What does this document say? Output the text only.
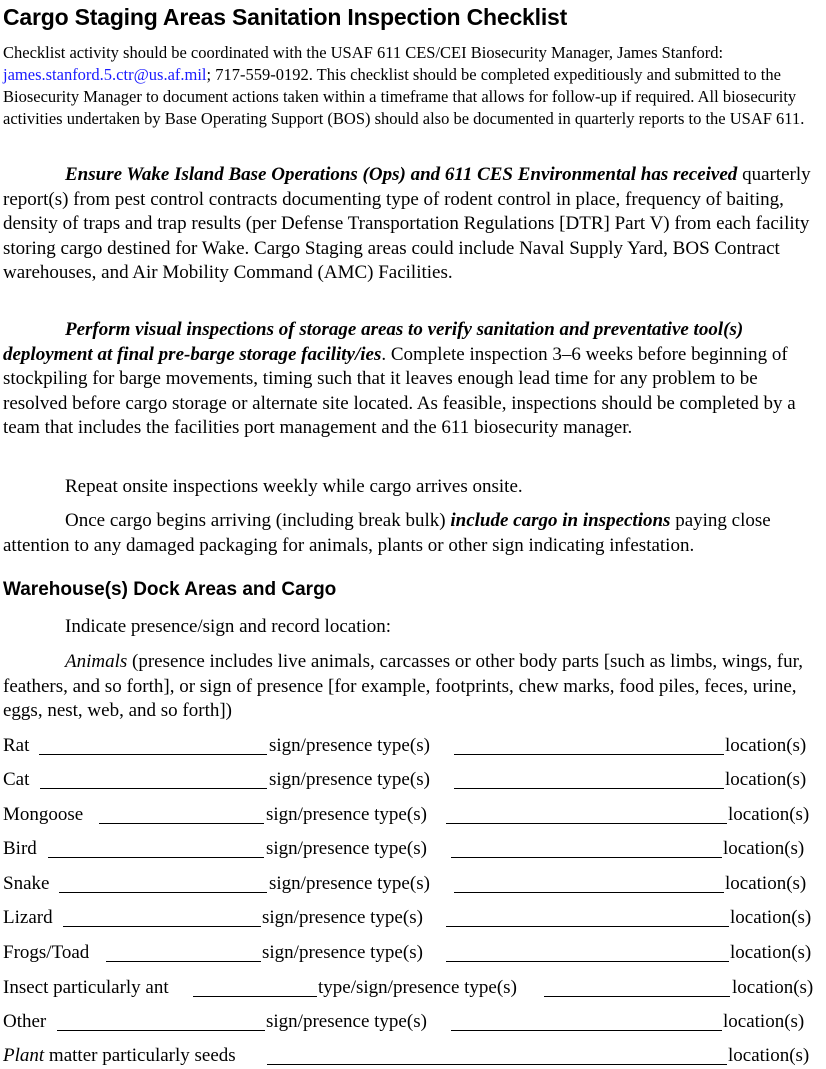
Cargo Staging Areas Sanitation Inspection Checklist

Checklist activity should be coordinated with the USAF 611 CES/CEI Biosecurity Manager, James Stanford: james.stanford.5.ctr@us.af.mil; 717-559-0192. This checklist should be completed expeditiously and submitted to the Biosecurity Manager to document actions taken within a timeframe that allows for follow-up if required. All biosecurity activities undertaken by Base Operating Support (BOS) should also be documented in quarterly reports to the USAF 611.

Ensure Wake Island Base Operations (Ops) and 611 CES Environmental has received quarterly report(s) from pest control contracts documenting type of rodent control in place, frequency of baiting, density of traps and trap results (per Defense Transportation Regulations [DTR] Part V) from each facility storing cargo destined for Wake. Cargo Staging areas could include Naval Supply Yard, BOS Contract warehouses, and Air Mobility Command (AMC) Facilities.

Perform visual inspections of storage areas to verify sanitation and preventative tool(s) deployment at final pre-barge storage facility/ies. Complete inspection 3–6 weeks before beginning of stockpiling for barge movements, timing such that it leaves enough lead time for any problem to be resolved before cargo storage or alternate site located. As feasible, inspections should be completed by a team that includes the facilities port management and the 611 biosecurity manager.

Repeat onsite inspections weekly while cargo arrives onsite.

Once cargo begins arriving (including break bulk) include cargo in inspections paying close attention to any damaged packaging for animals, plants or other sign indicating infestation.

Warehouse(s) Dock Areas and Cargo

Indicate presence/sign and record location:

Animals (presence includes live animals, carcasses or other body parts [such as limbs, wings, fur, feathers, and so forth], or sign of presence [for example, footprints, chew marks, food piles, feces, urine, eggs, nest, web, and so forth])

Rat	sign/presence type(s)	location(s)
Cat	sign/presence type(s)	location(s)
Mongoose	sign/presence type(s)	location(s)
Bird	sign/presence type(s)	location(s)
Snake	sign/presence type(s)	location(s)
Lizard	sign/presence type(s)	location(s)
Frogs/Toad	sign/presence type(s)	location(s)
Insect particularly ant	type/sign/presence type(s)	location(s)
Other	sign/presence type(s)	location(s)
Plant matter particularly seeds	location(s)
